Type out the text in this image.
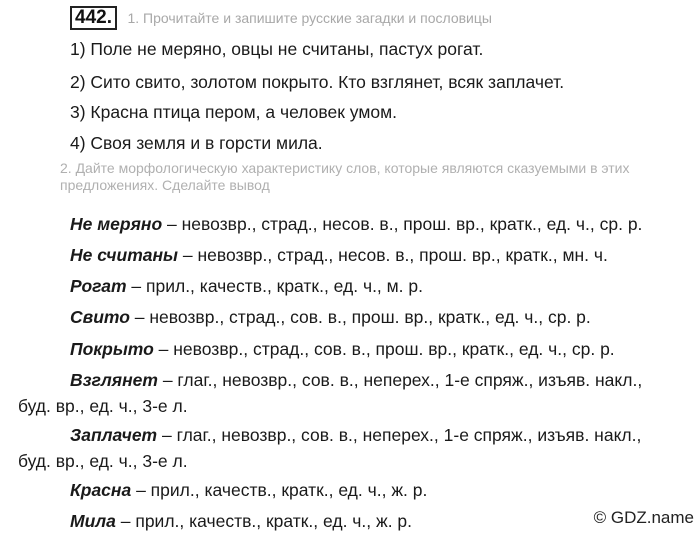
442. 1. Прочитайте и запишите русские загадки и пословицы
1) Поле не меряно, овцы не считаны, пастух рогат.
2) Сито свито, золотом покрыто. Кто взглянет, всяк заплачет.
3) Красна птица пером, а человек умом.
4) Своя земля и в горсти мила.
2. Дайте морфологическую характеристику слов, которые являются сказуемыми в этих предложениях. Сделайте вывод
Не меряно – невозвр., страд., несов. в., прош. вр., кратк., ед. ч., ср. р.
Не считаны – невозвр., страд., несов. в., прош. вр., кратк., мн. ч.
Рогат – прил., качеств., кратк., ед. ч., м. р.
Свито – невозвр., страд., сов. в., прош. вр., кратк., ед. ч., ср. р.
Покрыто – невозвр., страд., сов. в., прош. вр., кратк., ед. ч., ср. р.
Взглянет – глаг., невозвр., сов. в., неперех., 1-е спряж., изъяв. накл., буд. вр., ед. ч., 3-е л.
Заплачет – глаг., невозвр., сов. в., неперех., 1-е спряж., изъяв. накл., буд. вр., ед. ч., 3-е л.
Красна – прил., качеств., кратк., ед. ч., ж. р.
Мила – прил., качеств., кратк., ед. ч., ж. р.	© GDZ.name
